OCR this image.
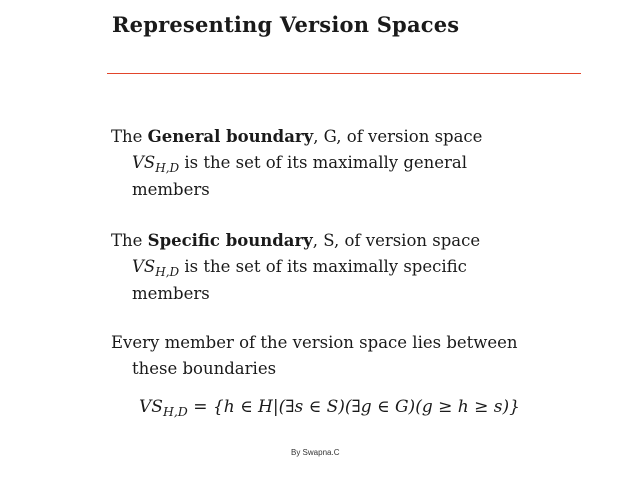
Representing Version Spaces
The General boundary, G, of version space
$VS_{H,D}$ is the set of its maximally general
members
The Specific boundary, S, of version space
$VS_{H,D}$ is the set of its maximally specific
members
Every member of the version space lies between
these boundaries
$VS_{H,D} = \{h$ ∈ H|(∃s ∈ S)(∃g ∈ G)(g ≥ h ≥ s)}
By Swapna.C
